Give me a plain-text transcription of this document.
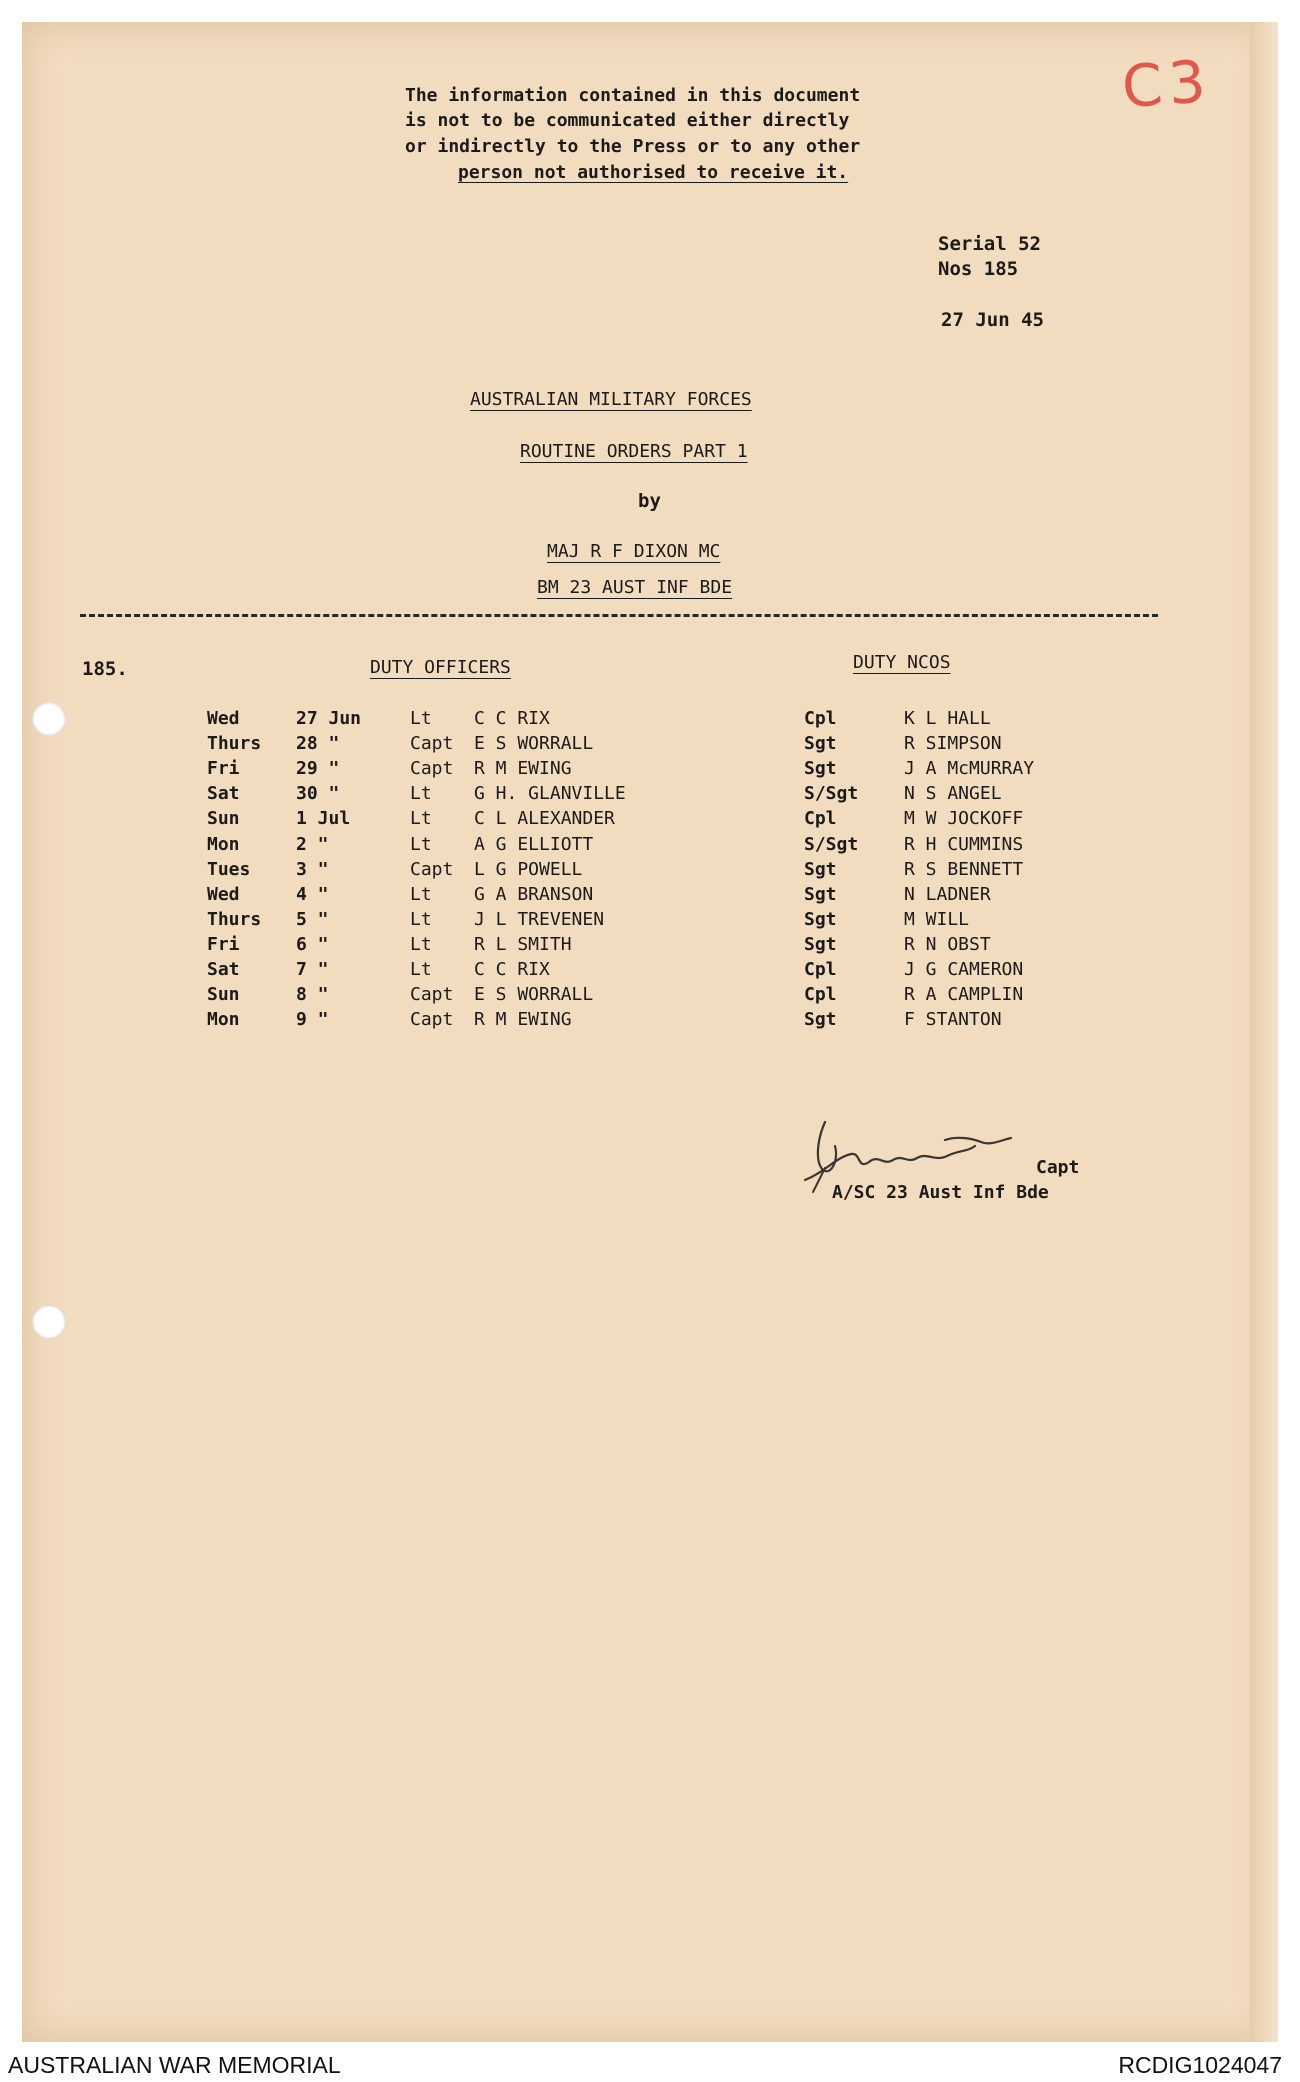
C3
The information contained in this document
is not to be communicated either directly
or indirectly to the Press or to any other
person not authorised to receive it.
Serial 52
Nos 185
27 Jun 45
AUSTRALIAN MILITARY FORCES
ROUTINE ORDERS PART 1
by
MAJ R F DIXON MC
BM 23 AUST INF BDE
185.	DUTY OFFICERS	DUTY NCOS
Wed	27 Jun	Lt C C RIX	Cpl	K L HALL
Thurs 28 "	Capt E S WORRALL	Sgt	R SIMPSON
Fri	29 "	Capt R M EWING	Sgt	J A McMURRAY
Sat	30 "	Lt G H. GLANVILLE	S/Sgt	N S ANGEL
Sun	1 Jul	Lt C L ALEXANDER	Cpl	M W JOCKOFF
Mon	2 "	Lt A G ELLIOTT	S/Sgt	R H CUMMINS
Tues	3 "	Capt L G POWELL	Sgt	R S BENNETT
Wed	4 "	Lt G A BRANSON	Sgt	N LADNER
Thurs 5 "	Lt J L TREVENEN	Sgt	M WILL
Fri	6 "	Lt R L SMITH	Sgt	R N OBST
Sat	7 "	Lt C C RIX	Cpl	J G CAMERON
Sun	8 "	Capt E S WORRALL	Cpl	R A CAMPLIN
Mon	9 "	Capt R M EWING	Sgt	F STANTON
Capt
A/SC 23 Aust Inf Bde
AUSTRALIAN WAR MEMORIAL	RCDIG1024047
